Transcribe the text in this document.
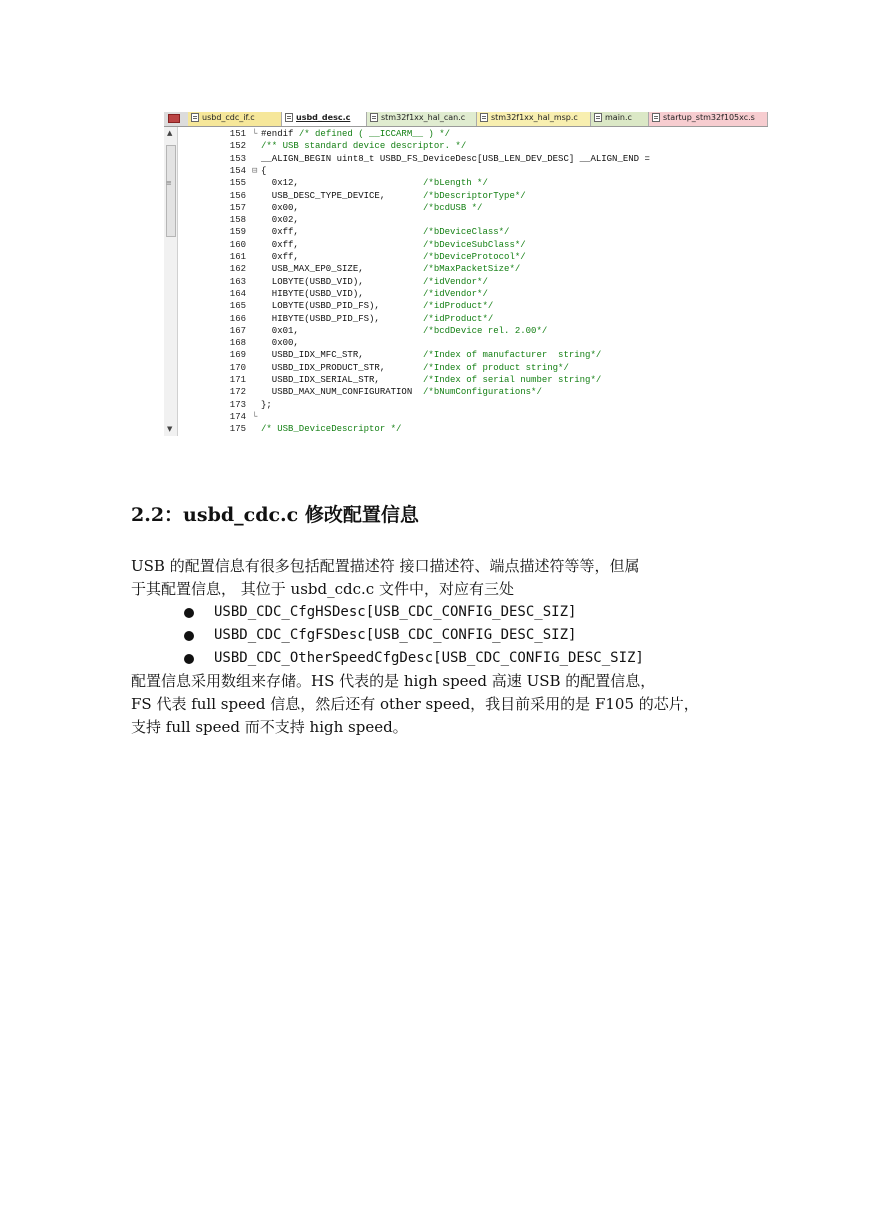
usbd_cdc_if.c	usbd_desc.c	stm32f1xx_hal_can.c	stm32f1xx_hal_msp.c	main.c	startup_stm32f105xc.s
▲
≡
▼
151 └ #endif /* defined ( __ICCARM__ ) */
152 /** USB standard device descriptor. */
153 __ALIGN_BEGIN uint8_t USBD_FS_DeviceDesc[USB_LEN_DEV_DESC] __ALIGN_END =
154 ⊟ {
155 0x12,                       /*bLength */
156 USB_DESC_TYPE_DEVICE,       /*bDescriptorType*/
157 0x00,                       /*bcdUSB */
158 0x02,
159 0xff,                       /*bDeviceClass*/
160 0xff,                       /*bDeviceSubClass*/
161 0xff,                       /*bDeviceProtocol*/
162 USB_MAX_EP0_SIZE,           /*bMaxPacketSize*/
163 LOBYTE(USBD_VID),           /*idVendor*/
164 HIBYTE(USBD_VID),           /*idVendor*/
165 LOBYTE(USBD_PID_FS),        /*idProduct*/
166 HIBYTE(USBD_PID_FS),        /*idProduct*/
167 0x01,                       /*bcdDevice rel. 2.00*/
168 0x00,
169 USBD_IDX_MFC_STR,           /*Index of manufacturer  string*/
170 USBD_IDX_PRODUCT_STR,       /*Index of product string*/
171 USBD_IDX_SERIAL_STR,        /*Index of serial number string*/
172 USBD_MAX_NUM_CONFIGURATION  /*bNumConfigurations*/
173 };
174 └
175 /* USB_DeviceDescriptor */
2.2：usbd_cdc.c 修改配置信息
USB 的配置信息有很多包括配置描述符 接口描述符、端点描述符等等，但属
于其配置信息， 其位于 usbd_cdc.c 文件中，对应有三处
USBD_CDC_CfgHSDesc[USB_CDC_CONFIG_DESC_SIZ]
USBD_CDC_CfgFSDesc[USB_CDC_CONFIG_DESC_SIZ]
USBD_CDC_OtherSpeedCfgDesc[USB_CDC_CONFIG_DESC_SIZ]
配置信息采用数组来存储。HS 代表的是 high speed 高速 USB 的配置信息，
FS 代表 full speed 信息，然后还有 other speed，我目前采用的是 F105 的芯片，
支持 full speed 而不支持 high speed。
